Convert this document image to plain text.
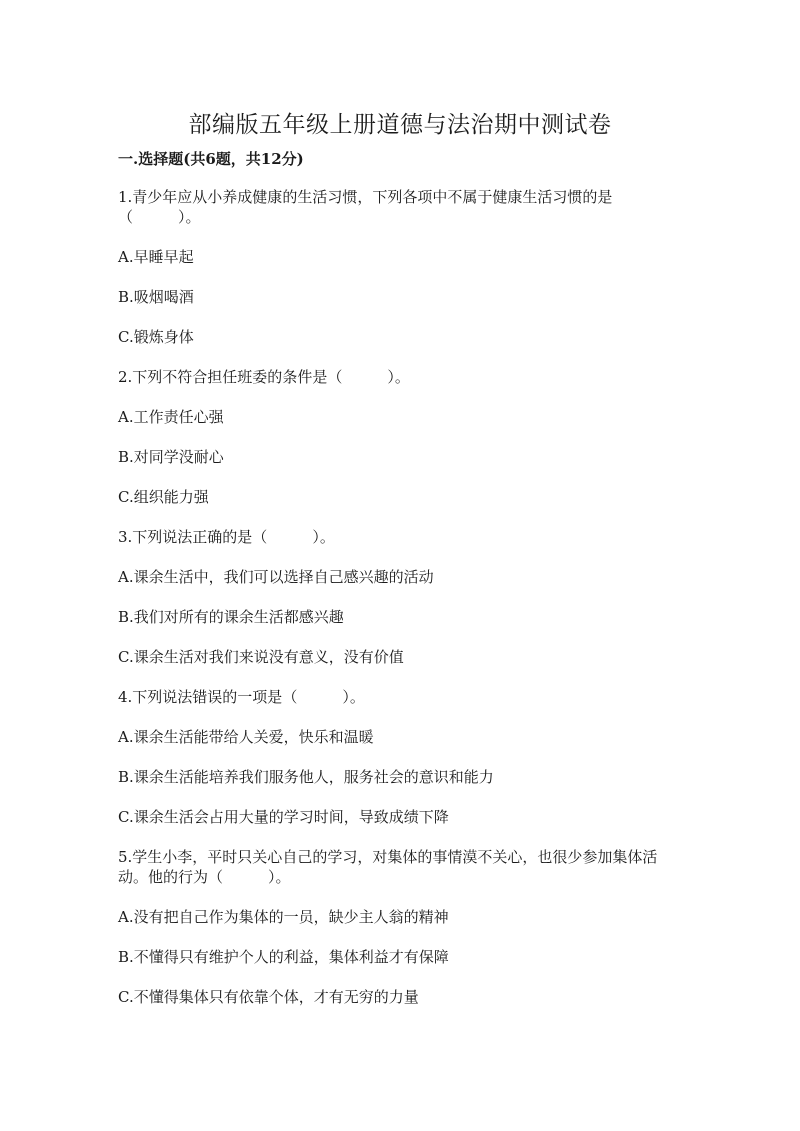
部编版五年级上册道德与法治期中测试卷
一.选择题(共6题，共12分)

1.青少年应从小养成健康的生活习惯，下列各项中不属于健康生活习惯的是（　　　）。

A.早睡早起

B.吸烟喝酒

C.锻炼身体

2.下列不符合担任班委的条件是（　　　）。

A.工作责任心强

B.对同学没耐心

C.组织能力强

3.下列说法正确的是（　　　）。

A.课余生活中，我们可以选择自己感兴趣的活动

B.我们对所有的课余生活都感兴趣

C.课余生活对我们来说没有意义，没有价值

4.下列说法错误的一项是（　　　）。

A.课余生活能带给人关爱，快乐和温暖

B.课余生活能培养我们服务他人，服务社会的意识和能力

C.课余生活会占用大量的学习时间，导致成绩下降

5.学生小李，平时只关心自己的学习，对集体的事情漠不关心，也很少参加集体活动。他的行为（　　　）。

A.没有把自己作为集体的一员，缺少主人翁的精神

B.不懂得只有维护个人的利益，集体利益才有保障

C.不懂得集体只有依靠个体，才有无穷的力量
